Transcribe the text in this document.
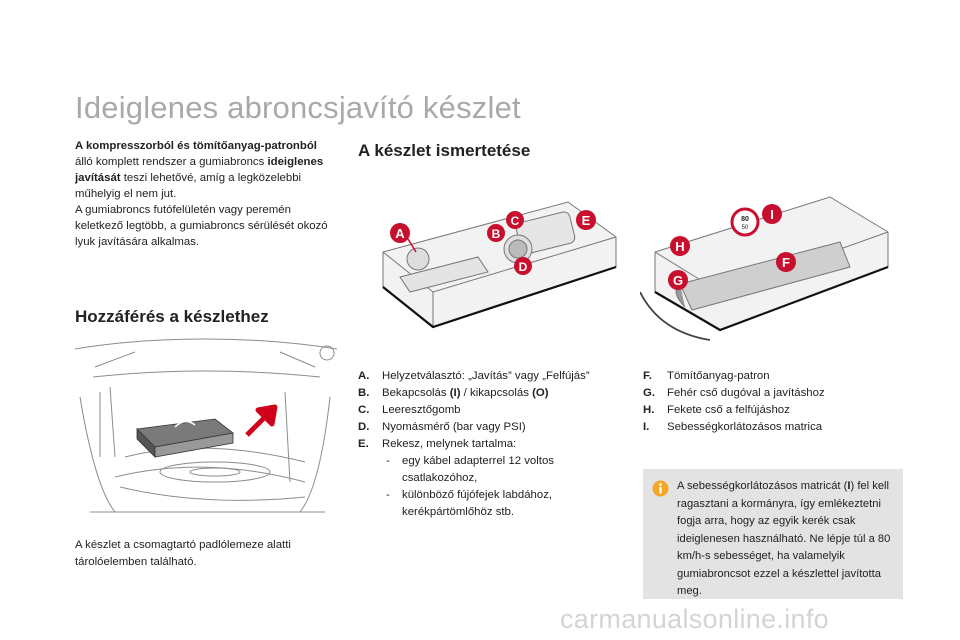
Ideiglenes abroncsjavító készlet
A kompresszorból és tömítőanyag-patronból álló komplett rendszer a gumiabroncs ideiglenes javítását teszi lehetővé, amíg a legközelebbi műhelyig el nem jut.
A gumiabroncs futófelületén vagy peremén keletkező legtöbb, a gumiabroncs sérülését okozó lyuk javítására alkalmas.
A készlet ismertetése
Hozzáférés a készlethez
A	B
C
D
E	80
50
I
H
F
G
A.	Helyzetválasztó: „Javítás” vagy „Felfújás”
B.	Bekapcsolás (I) / kikapcsolás (O)
C.	Leeresztőgomb
D.	Nyomásmérő (bar vagy PSI)
E.	Rekesz, melynek tartalma:
-	egy kábel adapterrel 12 voltos csatlakozóhoz,
-	különböző fújófejek labdához, kerékpártömlőhöz stb.
F.	Tömítőanyag-patron
G.	Fehér cső dugóval a javításhoz
H.	Fekete cső a felfújáshoz
I.	Sebességkorlátozásos matrica
A készlet a csomagtartó padlólemeze alatti tárolóelemben található.
A sebességkorlátozásos matricát (I) fel kell ragasztani a kormányra, így emlékeztetni fogja arra, hogy az egyik kerék csak ideiglenesen használható. Ne lépje túl a 80 km/h-s sebességet, ha valamelyik gumiabroncsot ezzel a készlettel javította meg.
carmanualsonline.info
